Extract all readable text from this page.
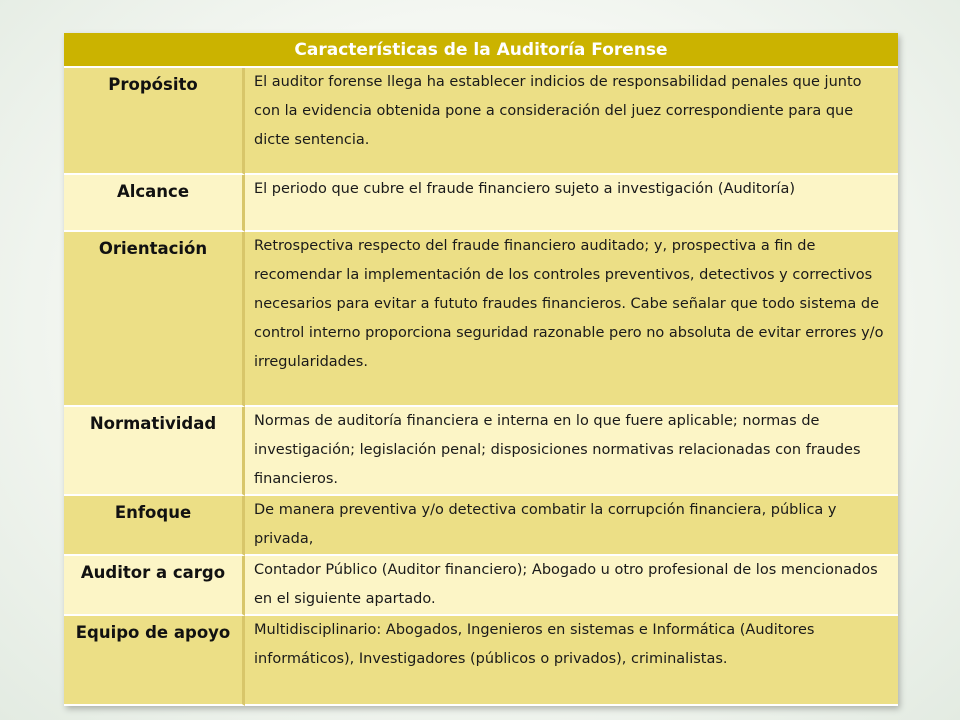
Características de la Auditoría Forense	
Propósito	El auditor forense llega ha establecer indicios de responsabilidad penales que junto con la evidencia obtenida pone a consideración del juez correspondiente para que dicte sentencia.
Alcance	El periodo que cubre el fraude financiero sujeto a investigación (Auditoría)
Orientación	Retrospectiva respecto del fraude financiero auditado; y, prospectiva a fin de recomendar la implementación de los controles preventivos, detectivos y correctivos necesarios para evitar a fututo fraudes financieros. Cabe señalar que todo sistema de control interno proporciona seguridad razonable pero no absoluta de evitar errores y/o irregularidades.
Normatividad	Normas de auditoría financiera e interna en lo que fuere aplicable; normas de investigación; legislación penal; disposiciones normativas relacionadas con fraudes financieros.
Enfoque	De manera preventiva y/o detectiva combatir la corrupción financiera, pública y privada,
Auditor a cargo	Contador Público (Auditor financiero); Abogado u otro profesional de los mencionados en el siguiente apartado.
Equipo de apoyo	Multidisciplinario: Abogados, Ingenieros en sistemas e Informática (Auditores informáticos), Investigadores (públicos o privados), criminalistas.
